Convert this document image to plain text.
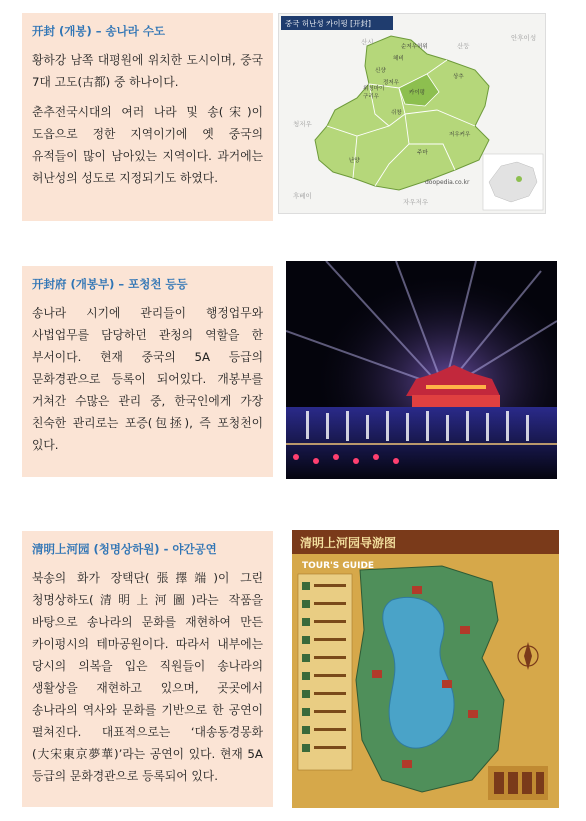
开封 (개봉) – 송나라 수도

황하강 남쪽 대평원에 위치한 도시이며, 중국 7대 고도(古都) 중 하나이다.

춘추전국시대의 여러 나라 및 송(宋)이 도읍으로 정한 지역이기에 옛 중국의 유적들이 많이 남아있는 지역이다. 과거에는 허난성의 성도로 지정되기도 하였다.

중국 허난성 카이펑 [开封]
산시	산둥
안후이성
청저우
후베이
자우저우
순저우허위
헤비
신샹
위청마이
구리우
정저우
카이펑
상추
쉬창
저우커우
주마
난양
doopedia.co.kr
开封府 (개봉부) – 포청천 등등

송나라 시기에 관리들이 행정업무와 사법업무를 담당하던 관청의 역할을 한 부서이다. 현재 중국의 5A 등급의 문화경관으로 등록이 되어있다. 개봉부를 거쳐간 수많은 관리 중, 한국인에게 가장 친숙한 관리로는 포증(包拯), 즉 포청천이 있다.

清明上河园 (청명상하원) - 야간공연

북송의 화가 장택단(張擇端)이 그린 청명상하도(清明上河圖)라는 작품을 바탕으로 송나라의 문화를 재현하여 만든 카이펑시의 테마공원이다. 따라서 내부에는 당시의 의복을 입은 직원들이 송나라의 생활상을 재현하고 있으며, 곳곳에서 송나라의 역사와 문화를 기반으로 한 공연이 펼쳐진다. 대표적으로는 ‘대송동경몽화(大宋東京夢華)’라는 공연이 있다. 현재 5A 등급의 문화경관으로 등록되어 있다.

清明上河园导游图
TOUR'S GUIDE
